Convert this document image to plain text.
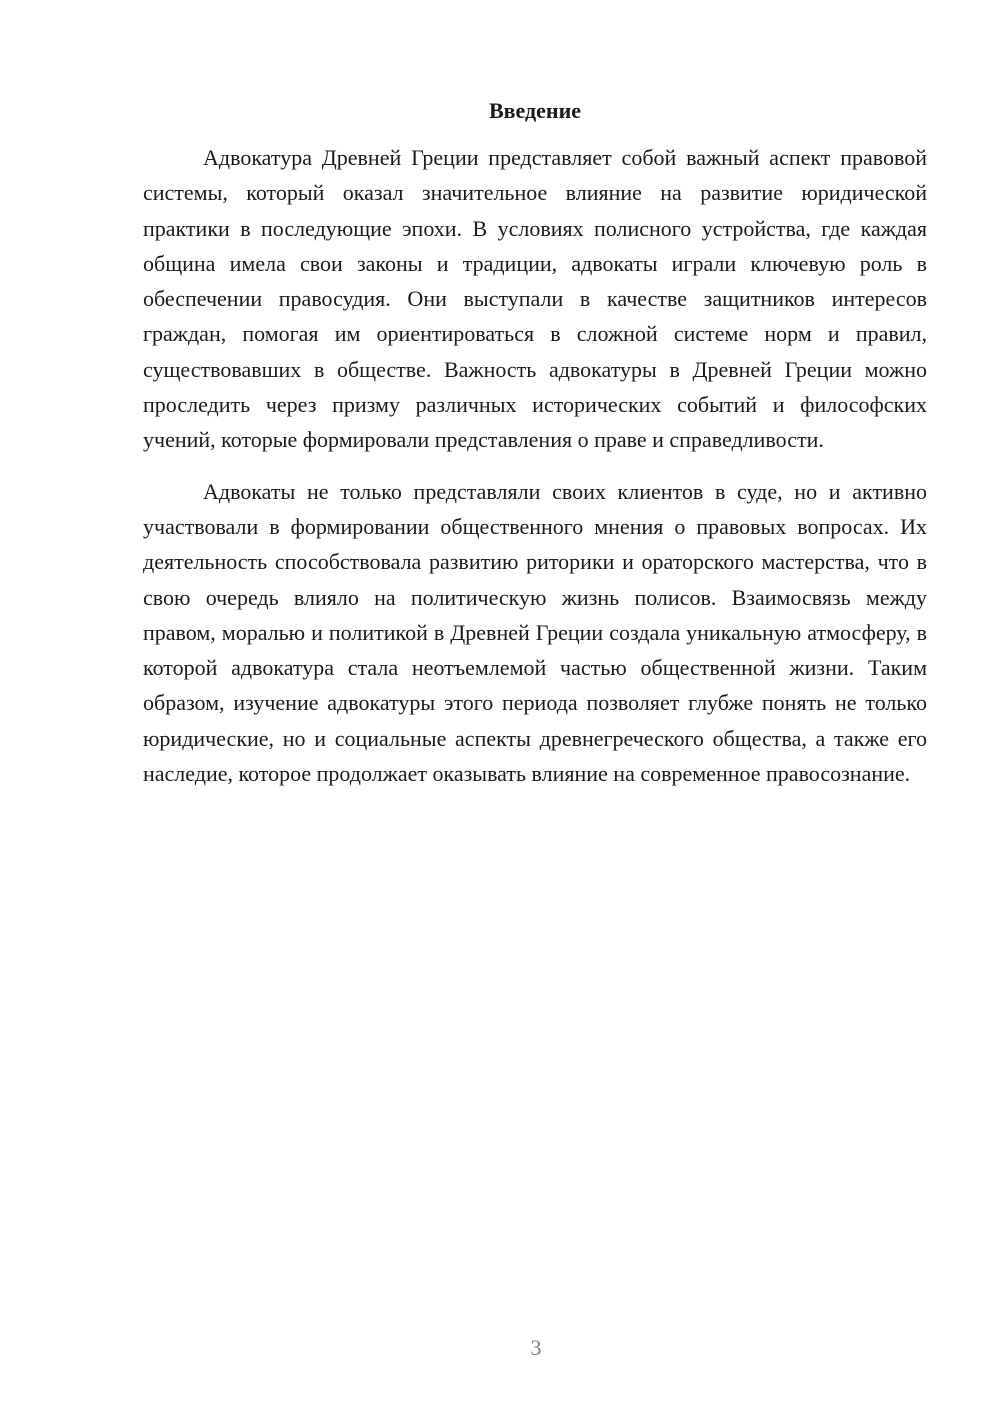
Введение

Адвокатура Древней Греции представляет собой важный аспект правовой системы, который оказал значительное влияние на развитие юридической практики в последующие эпохи. В условиях полисного устройства, где каждая община имела свои законы и традиции, адвокаты играли ключевую роль в обеспечении правосудия. Они выступали в качестве защитников интересов граждан, помогая им ориентироваться в сложной системе норм и правил, существовавших в обществе. Важность адвокатуры в Древней Греции можно проследить через призму различных исторических событий и философских учений, которые формировали представления о праве и справедливости.

Адвокаты не только представляли своих клиентов в суде, но и активно участвовали в формировании общественного мнения о правовых вопросах. Их деятельность способствовала развитию риторики и ораторского мастерства, что в свою очередь влияло на политическую жизнь полисов. Взаимосвязь между правом, моралью и политикой в Древней Греции создала уникальную атмосферу, в которой адвокатура стала неотъемлемой частью общественной жизни. Таким образом, изучение адвокатуры этого периода позволяет глубже понять не только юридические, но и социальные аспекты древнегреческого общества, а также его наследие, которое продолжает оказывать влияние на современное правосознание.

3
